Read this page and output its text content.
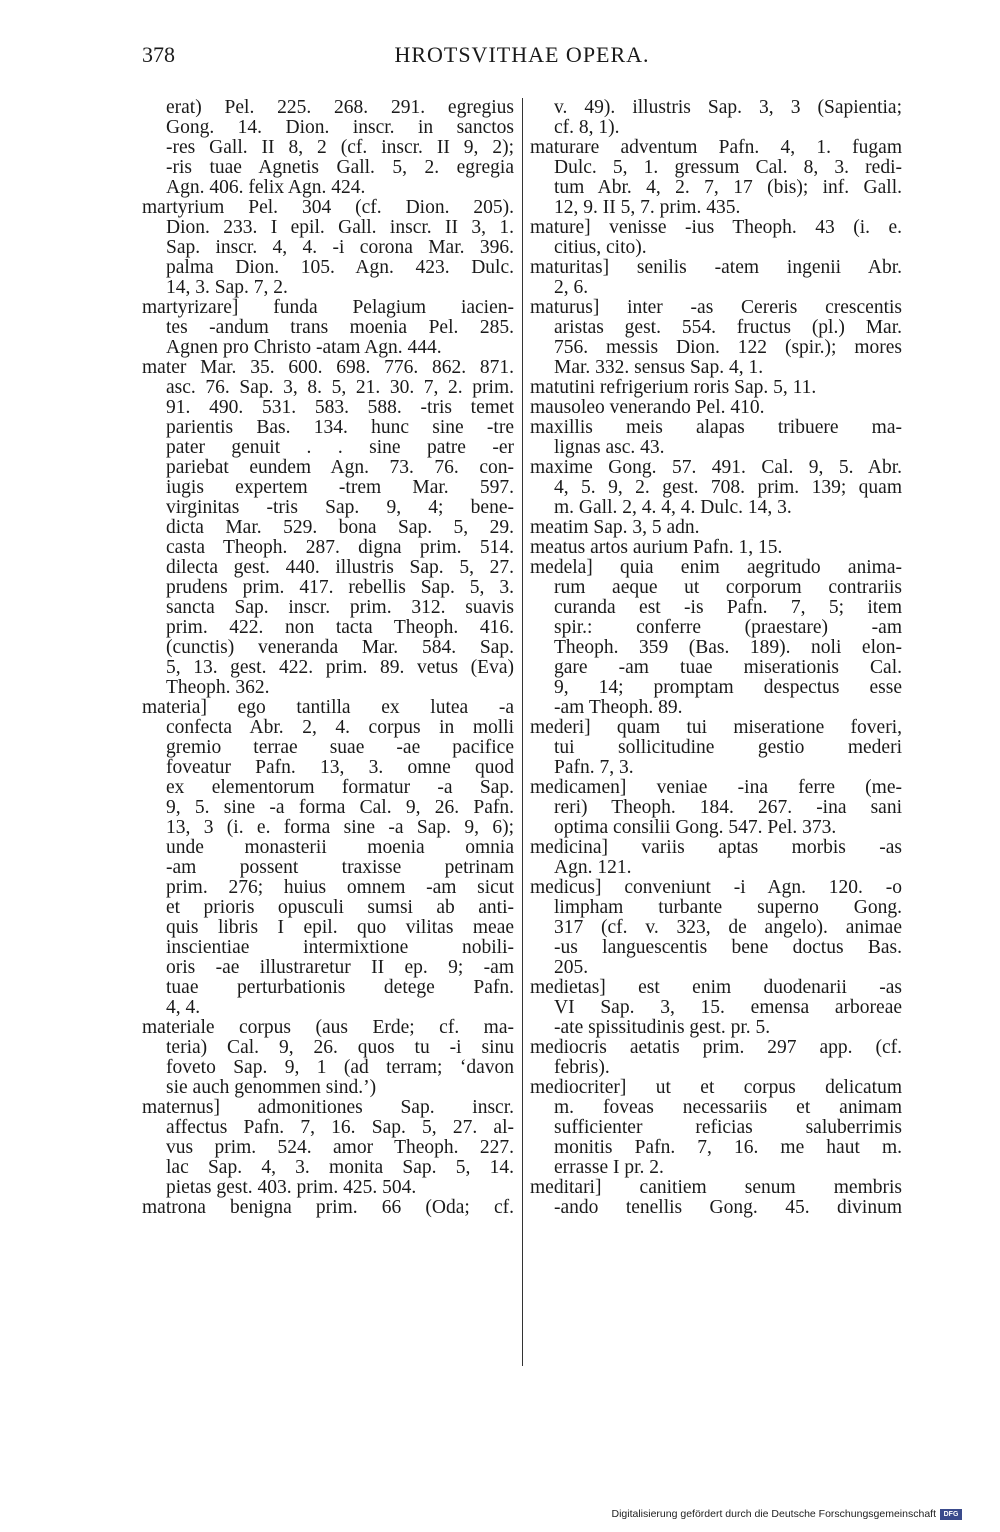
378	HROTSVITHAE OPERA.
erat) Pel. 225. 268. 291. egregius
Gong. 14. Dion. inscr. in sanctos
-res Gall. II 8, 2 (cf. inscr. II 9, 2);
-ris tuae Agnetis Gall. 5, 2. egregia
Agn. 406. felix Agn. 424.
martyrium Pel. 304 (cf. Dion. 205).
Dion. 233. I epil. Gall. inscr. II 3, 1.
Sap. inscr. 4, 4. -i corona Mar. 396.
palma Dion. 105. Agn. 423. Dulc.
14, 3. Sap. 7, 2.
martyrizare] funda Pelagium iacien-
tes -andum trans moenia Pel. 285.
Agnen pro Christo -atam Agn. 444.
mater Mar. 35. 600. 698. 776. 862. 871.
asc. 76. Sap. 3, 8. 5, 21. 30. 7, 2. prim.
91. 490. 531. 583. 588. -tris temet
parientis Bas. 134. hunc sine -tre
pater genuit . . sine patre -er
pariebat eundem Agn. 73. 76. con-
iugis expertem -trem Mar. 597.
virginitas -tris Sap. 9, 4; bene-
dicta Mar. 529. bona Sap. 5, 29.
casta Theoph. 287. digna prim. 514.
dilecta gest. 440. illustris Sap. 5, 27.
prudens prim. 417. rebellis Sap. 5, 3.
sancta Sap. inscr. prim. 312. suavis
prim. 422. non tacta Theoph. 416.
(cunctis) veneranda Mar. 584. Sap.
5, 13. gest. 422. prim. 89. vetus (Eva)
Theoph. 362.
materia] ego tantilla ex lutea -a
confecta Abr. 2, 4. corpus in molli
gremio terrae suae -ae pacifice
foveatur Pafn. 13, 3. omne quod
ex elementorum formatur -a Sap.
9, 5. sine -a forma Cal. 9, 26. Pafn.
13, 3 (i. e. forma sine -a Sap. 9, 6);
unde monasterii moenia omnia
-am possent traxisse petrinam
prim. 276; huius omnem -am sicut
et prioris opusculi sumsi ab anti-
quis libris I epil. quo vilitas meae
inscientiae intermixtione nobili-
oris -ae illustraretur II ep. 9; -am
tuae perturbationis detege Pafn.
4, 4.
materiale corpus (aus Erde; cf. ma-
teria) Cal. 9, 26. quos tu -i sinu
foveto Sap. 9, 1 (ad terram; ‘davon
sie auch genommen sind.’)
maternus] admonitiones Sap. inscr.
affectus Pafn. 7, 16. Sap. 5, 27. al-
vus prim. 524. amor Theoph. 227.
lac Sap. 4, 3. monita Sap. 5, 14.
pietas gest. 403. prim. 425. 504.
matrona benigna prim. 66 (Oda; cf.
v. 49). illustris Sap. 3, 3 (Sapientia;
cf. 8, 1).
maturare adventum Pafn. 4, 1. fugam
Dulc. 5, 1. gressum Cal. 8, 3. redi-
tum Abr. 4, 2. 7, 17 (bis); inf. Gall.
12, 9. II 5, 7. prim. 435.
mature] venisse -ius Theoph. 43 (i. e.
citius, cito).
maturitas] senilis -atem ingenii Abr.
2, 6.
maturus] inter -as Cereris crescentis
aristas gest. 554. fructus (pl.) Mar.
756. messis Dion. 122 (spir.); mores
Mar. 332. sensus Sap. 4, 1.
matutini refrigerium roris Sap. 5, 11.
mausoleo venerando Pel. 410.
maxillis meis alapas tribuere ma-
lignas asc. 43.
maxime Gong. 57. 491. Cal. 9, 5. Abr.
4, 5. 9, 2. gest. 708. prim. 139; quam
m. Gall. 2, 4. 4, 4. Dulc. 14, 3.
meatim Sap. 3, 5 adn.
meatus artos aurium Pafn. 1, 15.
medela] quia enim aegritudo anima-
rum aeque ut corporum contrariis
curanda est -is Pafn. 7, 5; item
spir.: conferre (praestare) -am
Theoph. 359 (Bas. 189). noli elon-
gare -am tuae miserationis Cal.
9, 14; promptam despectus esse
-am Theoph. 89.
mederi] quam tui miseratione foveri,
tui sollicitudine gestio mederi
Pafn. 7, 3.
medicamen] veniae -ina ferre (me-
reri) Theoph. 184. 267. -ina sani
optima consilii Gong. 547. Pel. 373.
medicina] variis aptas morbis -as
Agn. 121.
medicus] conveniunt -i Agn. 120. -o
limpham turbante superno Gong.
317 (cf. v. 323, de angelo). animae
-us languescentis bene doctus Bas.
205.
medietas] est enim duodenarii -as
VI Sap. 3, 15. emensa arboreae
-ate spissitudinis gest. pr. 5.
mediocris aetatis prim. 297 app. (cf.
febris).
mediocriter] ut et corpus delicatum
m. foveas necessariis et animam
sufficienter reficias saluberrimis
monitis Pafn. 7, 16. me haut m.
errasse I pr. 2.
meditari] canitiem senum membris
-ando tenellis Gong. 45. divinum
Digitalisierung gefördert durch die Deutsche Forschungsgemeinschaft	DFG
